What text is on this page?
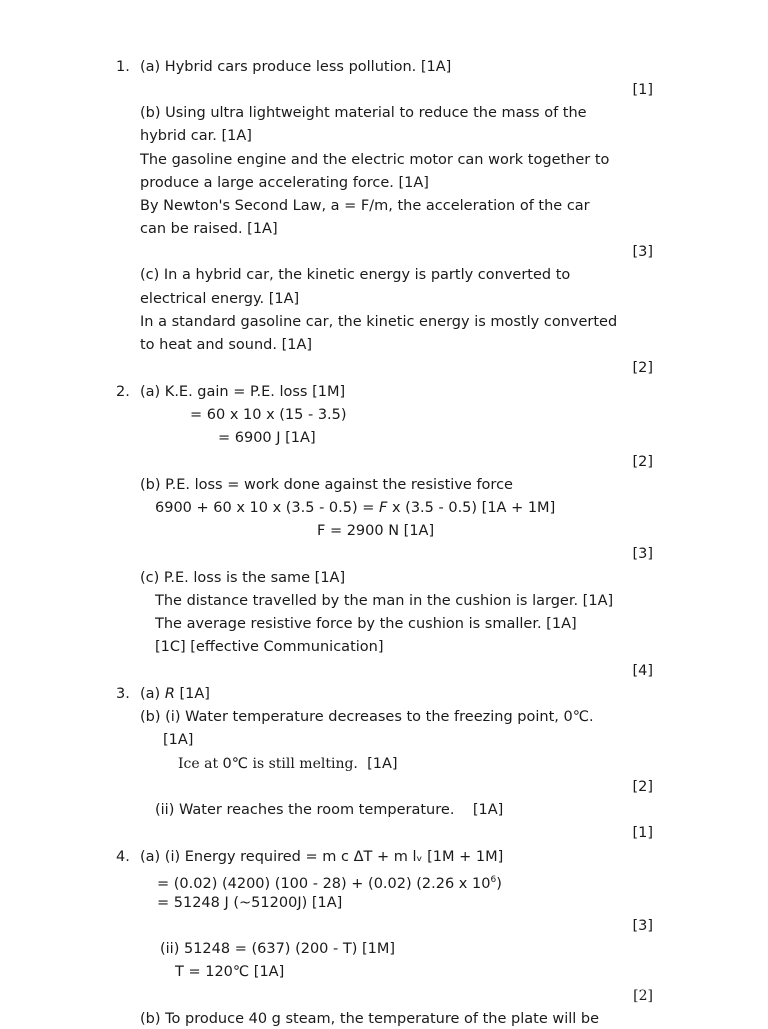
1. (a) Hybrid cars produce less pollution. [1A]
[1]
(b) Using ultra lightweight material to reduce the mass of the
hybrid car. [1A]
The gasoline engine and the electric motor can work together to
produce a large accelerating force. [1A]
By Newton's Second Law, a = F/m, the acceleration of the car
can be raised. [1A]
[3]
(c) In a hybrid car, the kinetic energy is partly converted to
electrical energy. [1A]
In a standard gasoline car, the kinetic energy is mostly converted
to heat and sound. [1A]
[2]
2. (a) K.E. gain = P.E. loss [1M]
= 60 x 10 x (15 - 3.5)
= 6900 J [1A]
[2]
(b) P.E. loss = work done against the resistive force
6900 + 60 x 10 x (3.5 - 0.5) = F x (3.5 - 0.5) [1A + 1M]
F = 2900 N [1A]
[3]
(c) P.E. loss is the same [1A]
The distance travelled by the man in the cushion is larger. [1A]
The average resistive force by the cushion is smaller. [1A]
[1C] [effective Communication]
[4]
3. (a) R [1A]
(b) (i) Water temperature decreases to the freezing point, 0℃.
[1A]
Ice at 0℃ is still melting. [1A]
[2]
(ii) Water reaches the room temperature.    [1A]
[1]
4. (a) (i) Energy required = m c ΔT + m lᵥ [1M + 1M]
= (0.02) (4200) (100 - 28) + (0.02) (2.26 x $10^6$)
= 51248 J (~51200J) [1A]
[3]
(ii) 51248 = (637) (200 - T) [1M]
T = 120℃ [1A]
[2]
(b) To produce 40 g steam, the temperature of the plate will be
